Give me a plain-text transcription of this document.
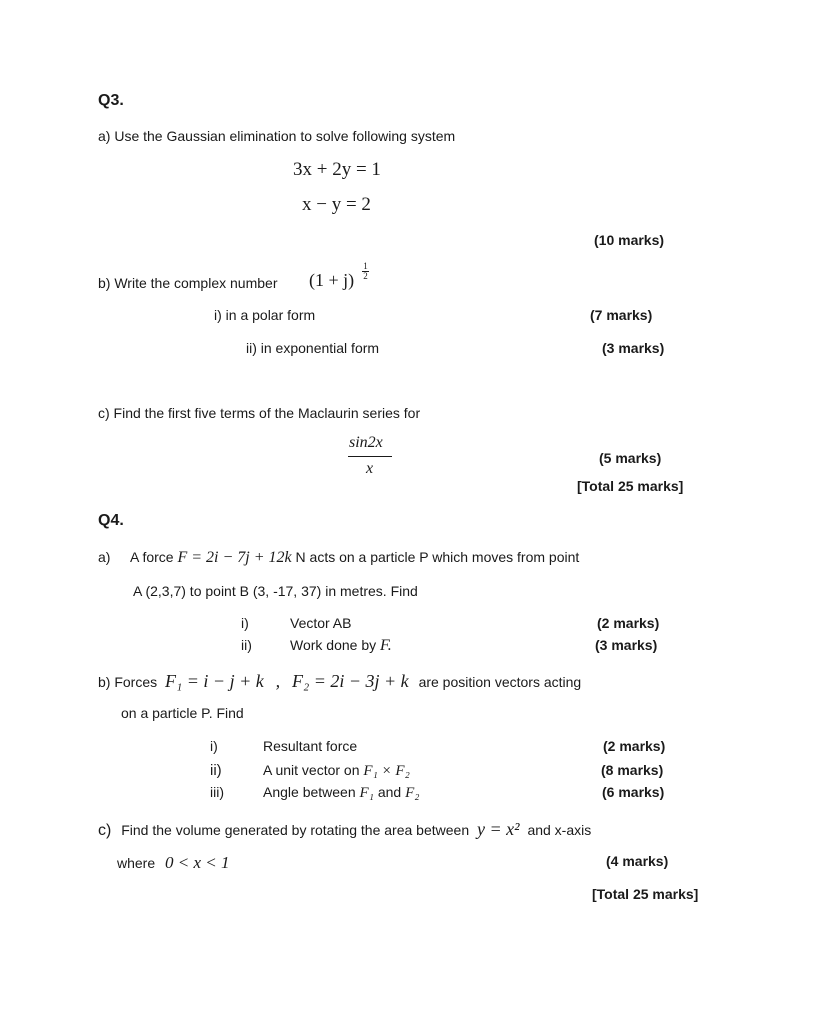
Q3.
a) Use the Gaussian elimination to solve following system
3x + 2y = 1
x − y = 2
(10 marks)
b) Write the complex number (1 + j)
1
2
i) in a polar form	(7 marks)
ii) in exponential form	(3 marks)
c) Find the first five terms of the Maclaurin series for
sin2x
x
(5 marks)
[Total 25 marks]
Q4.
a) A force F = 2i − 7j + 12k N acts on a particle P which moves from point
A (2,3,7) to point B (3, -17, 37) in metres. Find
i)	Vector AB	(2 marks)
ii)	Work done by F.	(3 marks)
b) Forces F₁ = i − j + k , F₂ = 2i − 3j + k are position vectors acting
on a particle P. Find
i)	Resultant force	(2 marks)
ii)	A unit vector on F₁ × F₂	(8 marks)
iii)	Angle between F₁ and F₂	(6 marks)
c) Find the volume generated by rotating the area between y = x² and x-axis
where 0 < x < 1	(4 marks)
[Total 25 marks]
